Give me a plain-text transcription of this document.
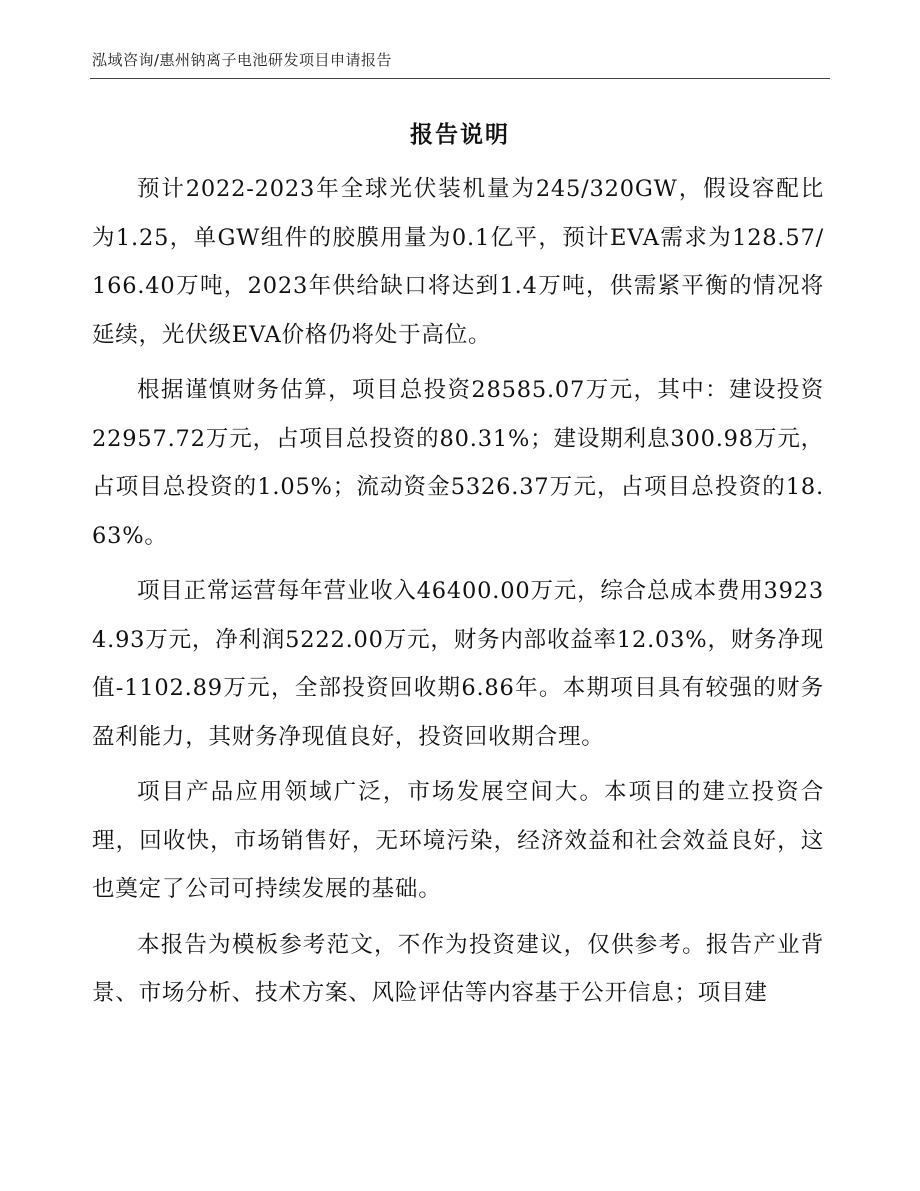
泓域咨询/惠州钠离子电池研发项目申请报告
报告说明

预计2022-2023年全球光伏装机量为245/320GW，假设容配比为1.25，单GW组件的胶膜用量为0.1亿平，预计EVA需求为128.57/166.40万吨，2023年供给缺口将达到1.4万吨，供需紧平衡的情况将延续，光伏级EVA价格仍将处于高位。

根据谨慎财务估算，项目总投资28585.07万元，其中：建设投资22957.72万元，占项目总投资的80.31%；建设期利息300.98万元，占项目总投资的1.05%；流动资金5326.37万元，占项目总投资的18.63%。

项目正常运营每年营业收入46400.00万元，综合总成本费用39234.93万元，净利润5222.00万元，财务内部收益率12.03%，财务净现值-1102.89万元，全部投资回收期6.86年。本期项目具有较强的财务盈利能力，其财务净现值良好，投资回收期合理。

项目产品应用领域广泛，市场发展空间大。本项目的建立投资合理，回收快，市场销售好，无环境污染，经济效益和社会效益良好，这也奠定了公司可持续发展的基础。

本报告为模板参考范文，不作为投资建议，仅供参考。报告产业背景、市场分析、技术方案、风险评估等内容基于公开信息；项目建
